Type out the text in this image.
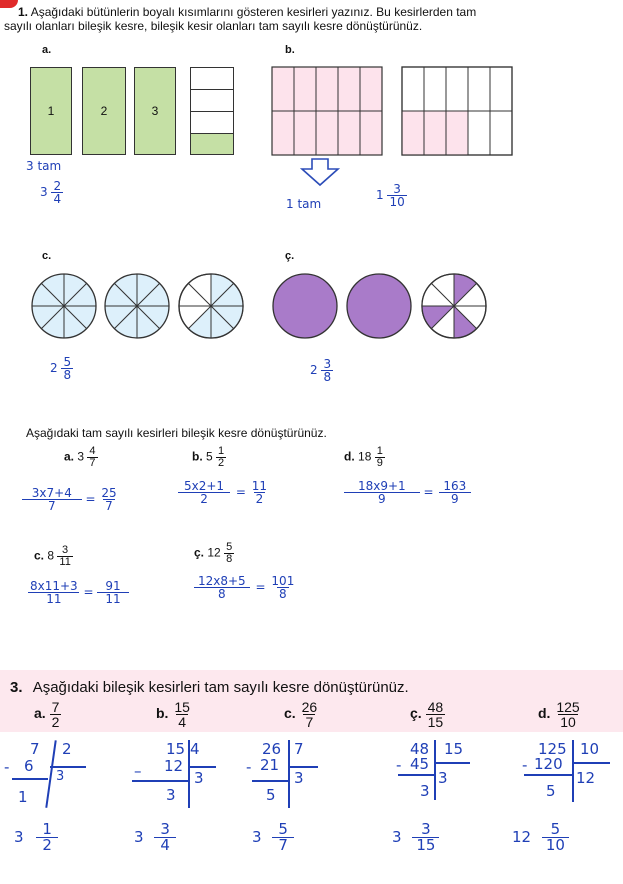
1. Aşağıdaki bütünlerin boyalı kısımlarını gösteren kesirleri yazınız. Bu kesirlerden tam
sayılı olanları bileşik kesre, bileşik kesir olanları tam sayılı kesre dönüştürünüz.
a.
1	2	3
3 tam
$3 \frac{2}{4}$
b.
1 tam
$1 \frac{3}{10}$
c.
$2 \frac{5}{8}$
ç.
$2 \frac{3}{8}$
Aşağıdaki tam sayılı kesirleri bileşik kesre dönüştürünüz.
a. $3 \frac{4}{7}$
$\frac{3x7+4}{7} = \frac{25}{7}$
b. $5 \frac{1}{2}$
$\frac{5x2+1}{2} = \frac{11}{2}$
d. $18 \frac{1}{9}$
$\frac{18x9+1}{9} = \frac{163}{9}$
c. $8 \frac{3}{11}$
$\frac{8x11+3}{11} = \frac{91}{11}$
ç. $12 \frac{5}{8}$
$\frac{12x8+5}{8} = \frac{101}{8}$
3. Aşağıdaki bileşik kesirleri tam sayılı kesre dönüştürünüz.
a. $\frac{7}{2}$	b. $\frac{15}{4}$	c. $\frac{26}{7}$	ç. $\frac{48}{15}$	d. $\frac{125}{10}$
7 2
- 6
3
1
15 4
– 12
3
3
26 7
- 21
3
5
48 15
- 45
3
3
125 10
- 120
12
5
$3 \frac{1}{2}$	$3 \frac{3}{4}$	$3 \frac{5}{7}$	$3 \frac{3}{15}$	$12 \frac{5}{10}$
